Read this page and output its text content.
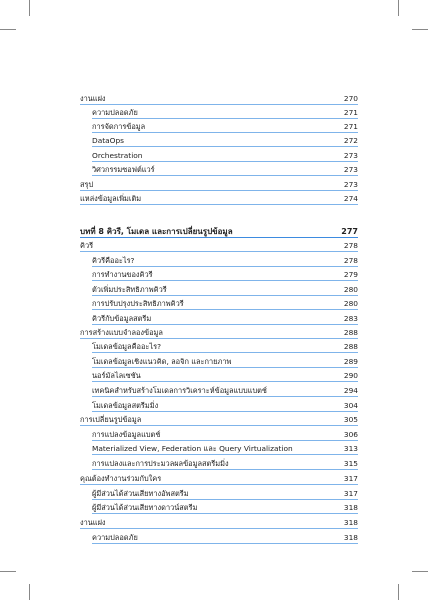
งานแฝง	270
ความปลอดภัย	271
การจัดการข้อมูล	271
DataOps	272
Orchestration	273
วิศวกรรมซอฟต์แวร์	273
สรุป	273
แหล่งข้อมูลเพิ่มเติม	274
บทที่ 8 คิวรี, โมเดล และการเปลี่ยนรูปข้อมูล	277
คิวรี	278
คิวรีคืออะไร?	278
การทำงานของคิวรี	279
ตัวเพิ่มประสิทธิภาพคิวรี	280
การปรับปรุงประสิทธิภาพคิวรี	280
คิวรีกับข้อมูลสตรีม	283
การสร้างแบบจำลองข้อมูล	288
โมเดลข้อมูลคืออะไร?	288
โมเดลข้อมูลเชิงแนวคิด, ลอจิก และกายภาพ	289
นอร์มัลไลเซชัน	290
เทคนิคสำหรับสร้างโมเดลการวิเคราะห์ข้อมูลแบบแบตช์	294
โมเดลข้อมูลสตรีมมิ่ง	304
การเปลี่ยนรูปข้อมูล	305
การแปลงข้อมูลแบตช์	306
Materialized View, Federation และ Query Virtualization	313
การแปลงและการประมวลผลข้อมูลสตรีมมิ่ง	315
คุณต้องทำงานร่วมกับใคร	317
ผู้มีส่วนได้ส่วนเสียทางอัพสตรีม	317
ผู้มีส่วนได้ส่วนเสียทางดาวน์สตรีม	318
งานแฝง	318
ความปลอดภัย	318
